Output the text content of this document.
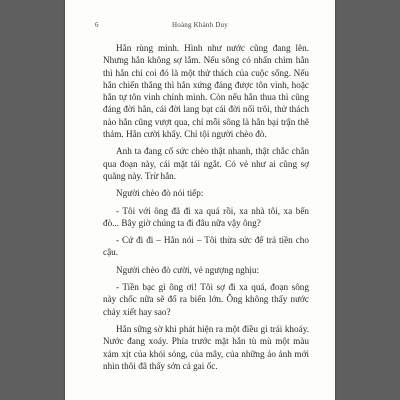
6	Hoàng Khánh Duy

Hắn rùng mình. Hình như nước cũng đang lên. Nhưng hắn không sợ lắm. Nếu sông có nhấn chìm hắn thì hắn chỉ coi đó là một thử thách của cuộc sống. Nếu hắn chiến thắng thì hắn xứng đáng được tôn vinh, hoặc hắn tự tôn vinh chính mình. Còn nếu hắn thua thì cũng đáng đời hắn, cái đời lang bạt cái đời nổi trôi, thử thách nào hắn cũng vượt qua, chỉ mỗi sông là hắn bại trận thê thảm. Hắn cười khẩy. Chỉ tội người chèo đò.

Anh ta đang cố sức chèo thật nhanh, thật chắc chắn qua đoạn này, cái mặt tái ngắt. Có vẻ như ai cũng sợ quãng này. Trừ hắn.

Người chèo đò nói tiếp:

- Tôi với ông đã đi xa quá rồi, xa nhà tôi, xa bến đò... Bây giờ chúng ta đi đâu nữa vậy ông?

- Cứ đi đi – Hắn nói – Tôi thừa sức để trả tiền cho cậu.

Người chèo đò cười, vẻ ngượng nghịu:

- Tiền bạc gì ông ơi! Tôi sợ đi xa quá, đoạn sông này chốc nữa sẽ đổ ra biển lớn. Ông không thấy nước chảy xiết hay sao?

Hắn sững sờ khi phát hiện ra một điều gì trái khoáy. Nước đang xoáy. Phía trước mặt hắn tù mù một màu xám xịt của khói sóng, của mây, của những ảo ảnh mới nhìn thôi đã thấy sởn cả gai ốc.
